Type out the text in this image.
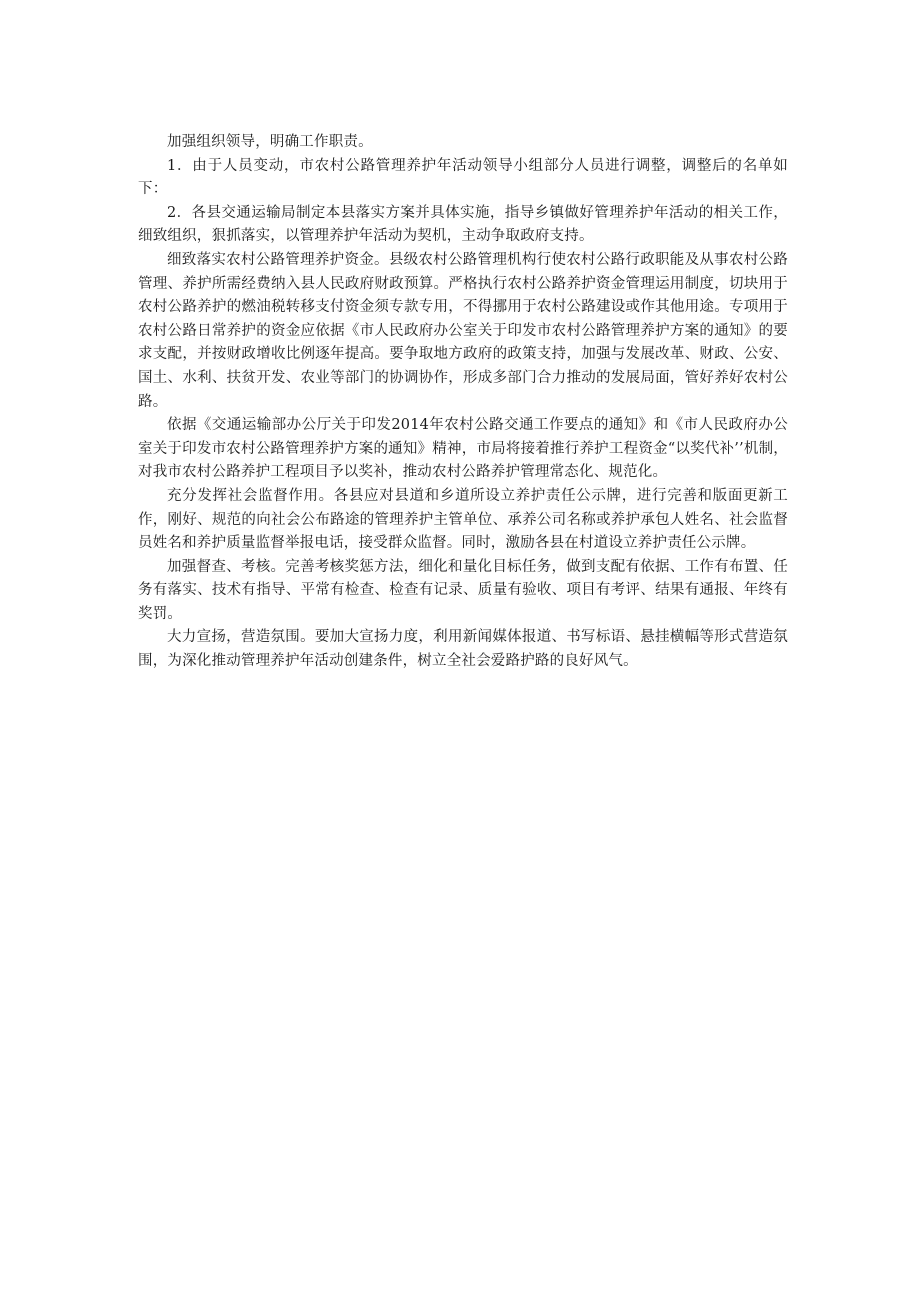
加强组织领导，明确工作职责。

1．由于人员变动，市农村公路管理养护年活动领导小组部分人员进行调整，调整后的名单如下：

2．各县交通运输局制定本县落实方案并具体实施，指导乡镇做好管理养护年活动的相关工作，细致组织，狠抓落实，以管理养护年活动为契机，主动争取政府支持。

细致落实农村公路管理养护资金。县级农村公路管理机构行使农村公路行政职能及从事农村公路管理、养护所需经费纳入县人民政府财政预算。严格执行农村公路养护资金管理运用制度，切块用于农村公路养护的燃油税转移支付资金须专款专用，不得挪用于农村公路建设或作其他用途。专项用于农村公路日常养护的资金应依据《市人民政府办公室关于印发市农村公路管理养护方案的通知》的要求支配，并按财政增收比例逐年提高。要争取地方政府的政策支持，加强与发展改革、财政、公安、国土、水利、扶贫开发、农业等部门的协调协作，形成多部门合力推动的发展局面，管好养好农村公路。

依据《交通运输部办公厅关于印发2014年农村公路交通工作要点的通知》和《市人民政府办公室关于印发市农村公路管理养护方案的通知》精神，市局将接着推行养护工程资金“以奖代补’’机制，对我市农村公路养护工程项目予以奖补，推动农村公路养护管理常态化、规范化。

充分发挥社会监督作用。各县应对县道和乡道所设立养护责任公示牌，进行完善和版面更新工作，刚好、规范的向社会公布路途的管理养护主管单位、承养公司名称或养护承包人姓名、社会监督员姓名和养护质量监督举报电话，接受群众监督。同时，激励各县在村道设立养护责任公示牌。

加强督查、考核。完善考核奖惩方法，细化和量化目标任务，做到支配有依据、工作有布置、任务有落实、技术有指导、平常有检查、检查有记录、质量有验收、项目有考评、结果有通报、年终有奖罚。

大力宣扬，营造氛围。要加大宣扬力度，利用新闻媒体报道、书写标语、悬挂横幅等形式营造氛围，为深化推动管理养护年活动创建条件，树立全社会爱路护路的良好风气。
